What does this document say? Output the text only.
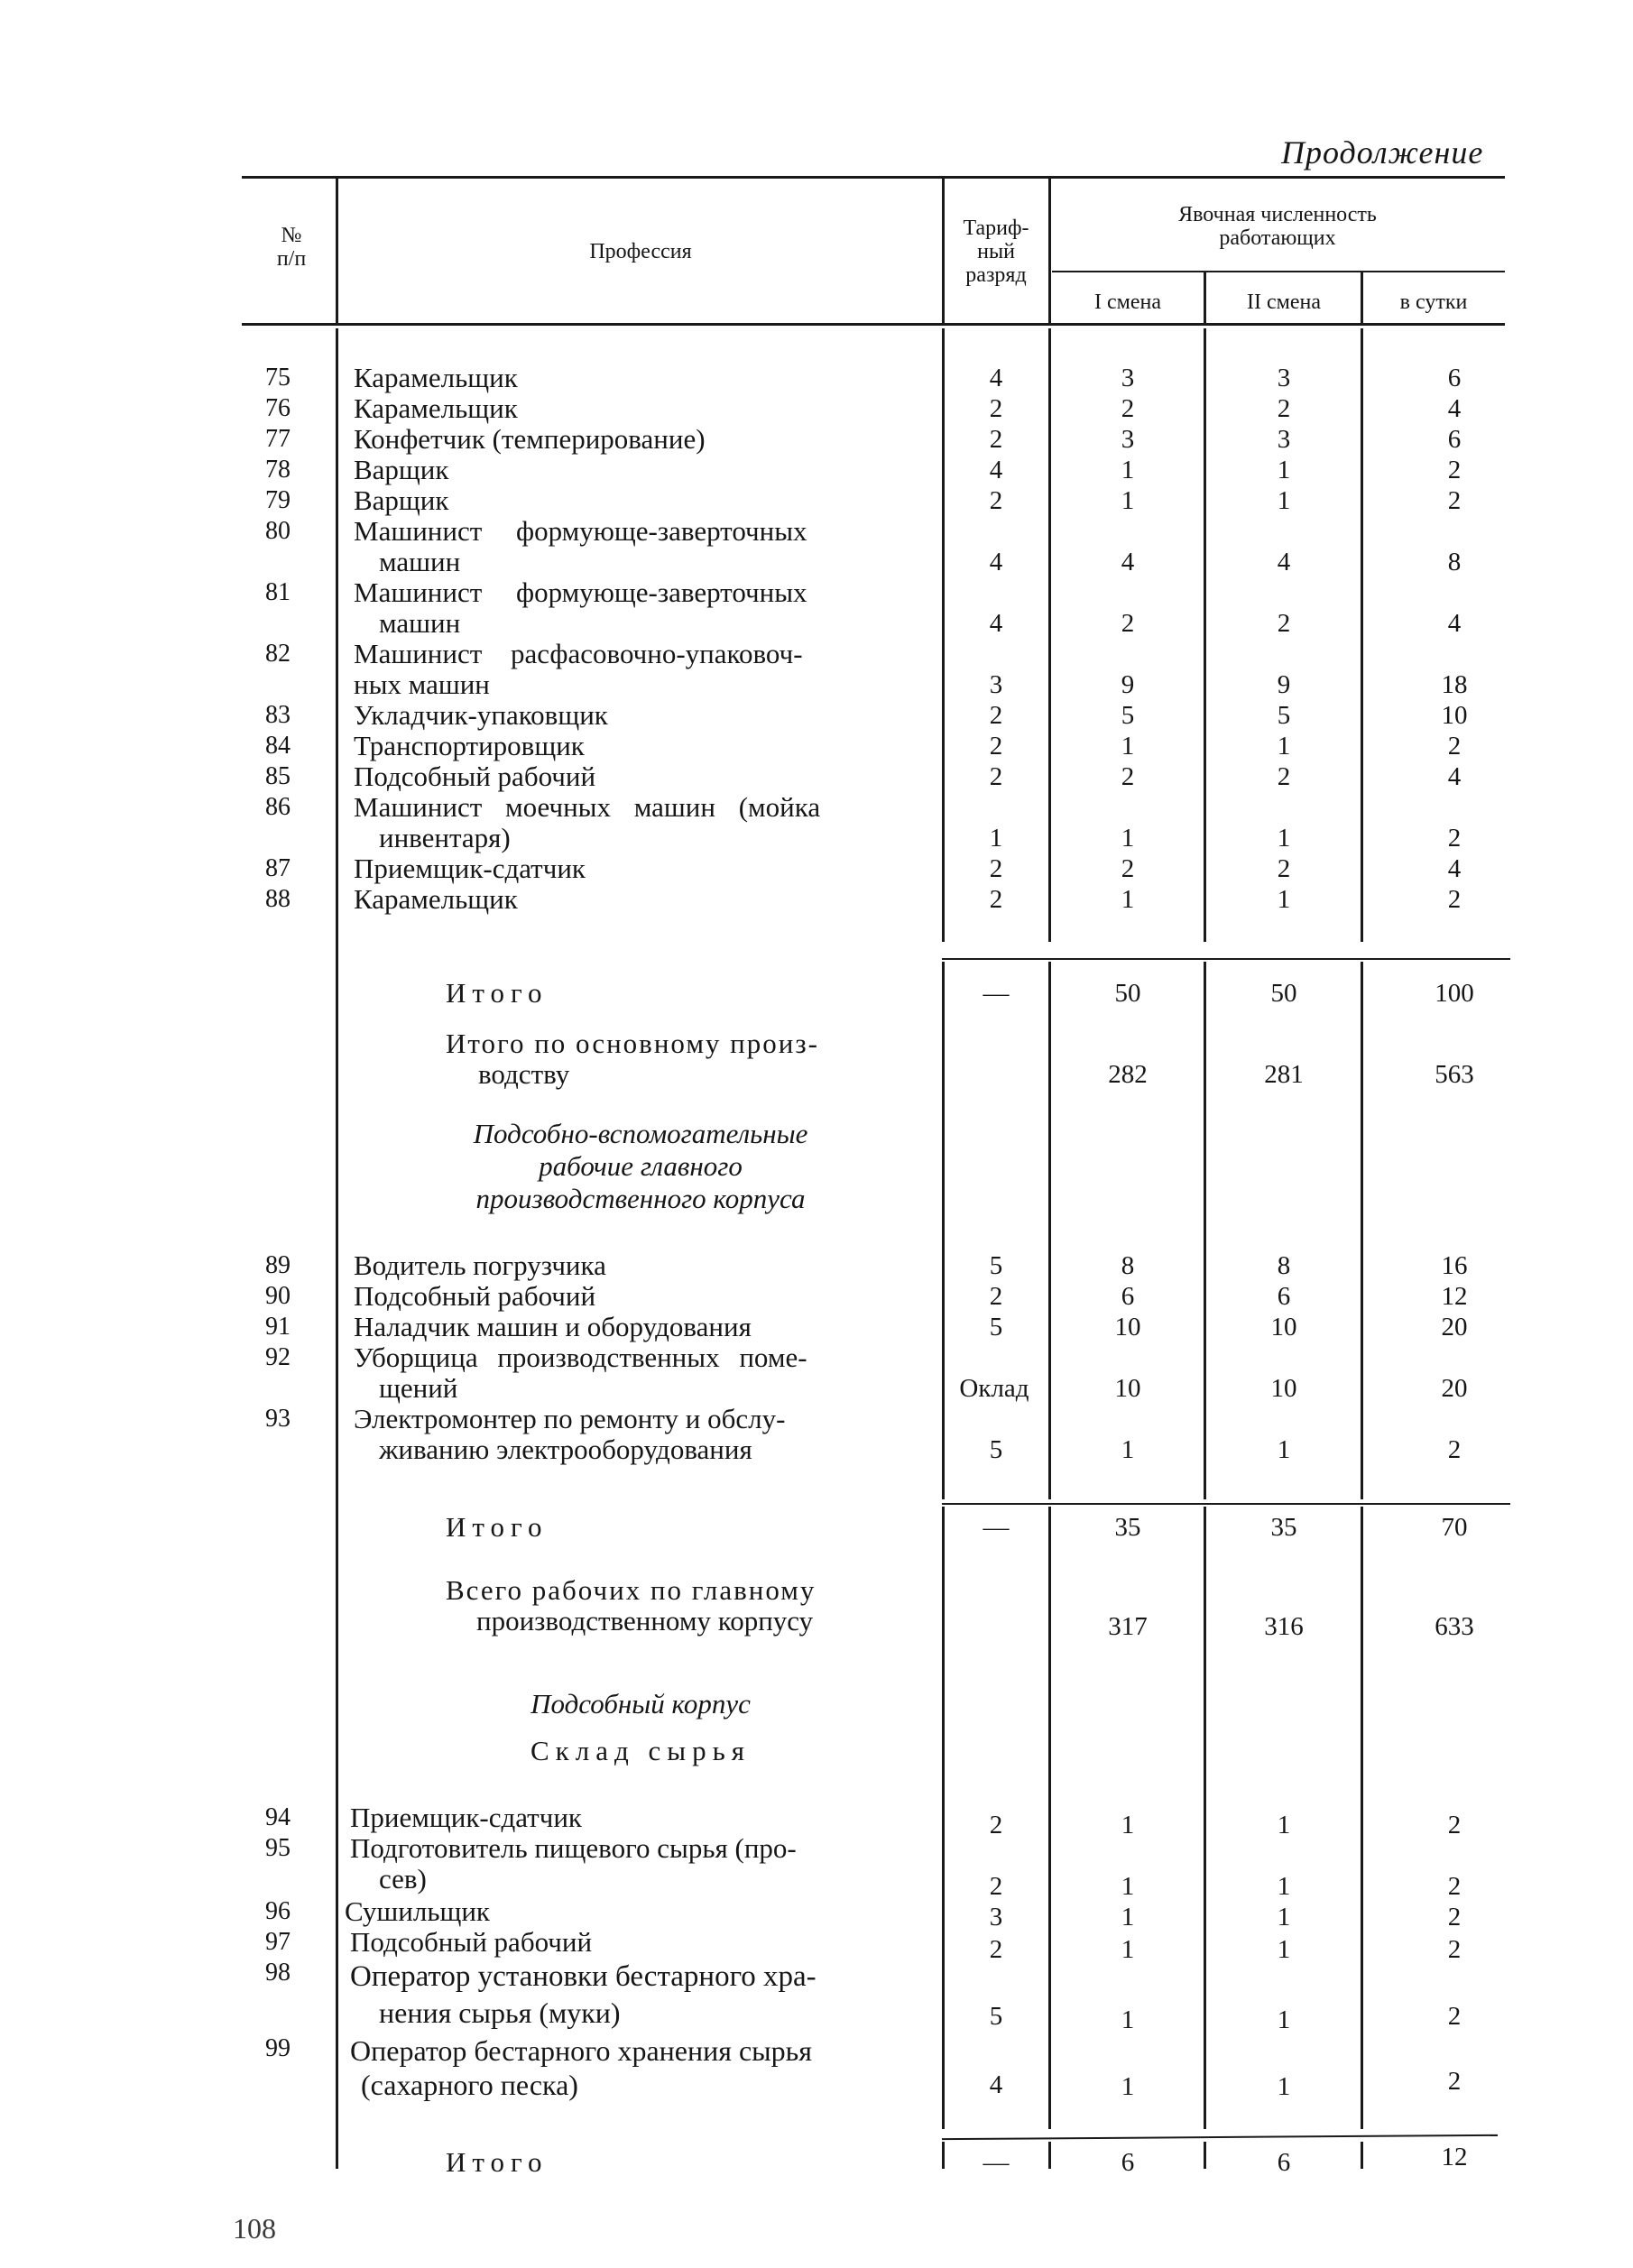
Продолжение
№
п/п	Профессия
Тариф-
ный
разряд
Явочная численность
работающих
I смена	II смена	в сутки
75	Карамельщик	4	3	3	6
76	Карамельщик	2	2	2	4
77	Конфетчик (темперирование)	2	3	3	6
78	Варщик	4	1	1	2
79	Варщик	2	1	1	2
80	Машинист формующе-заверточных
машин	4	4	4	8
81	Машинист формующе-заверточных
машин	4	2	2	4
82	Машинист расфасовочно-упаковоч-
ных машин	3	9	9	18
83	Укладчик-упаковщик	2	5	5	10
84	Транспортировщик	2	1	1	2
85	Подсобный рабочий	2	2	2	4
86	Машинист моечных машин (мойка
инвентаря)	1	1	1	2
87	Приемщик-сдатчик	2	2	2	4
88	Карамельщик	2	1	1	2
Итого	—	50	50	100
Итого по основному произ-
водству	282	281	563
Подсобно-вспомогательные
рабочие главного
производственного корпуса
89	Водитель погрузчика	5	8	8	16
90	Подсобный рабочий	2	6	6	12
91	Наладчик машин и оборудования	5	10	10	20
92	Уборщица производственных поме-
щений	Оклад	10	10	20
93	Электромонтер по ремонту и обслу-
живанию электрооборудования	5	1	1	2
Итого	—	35	35	70
Всего рабочих по главному
производственному корпусу	317	316	633
Подсобный корпус
Склад сырья
94	Приемщик-сдатчик	2	1	1	2
95	Подготовитель пищевого сырья (про-
сев)	2	1	1	2
96	Сушильщик	3	1	1	2
97	Подсобный рабочий	2	1	1	2
98	Оператор установки бестарного хра-
нения сырья (муки)	5	1	1	2
99	Оператор бестарного хранения сырья
(сахарного песка)	4	1	1	2
Итого	—	6	6	12
108
